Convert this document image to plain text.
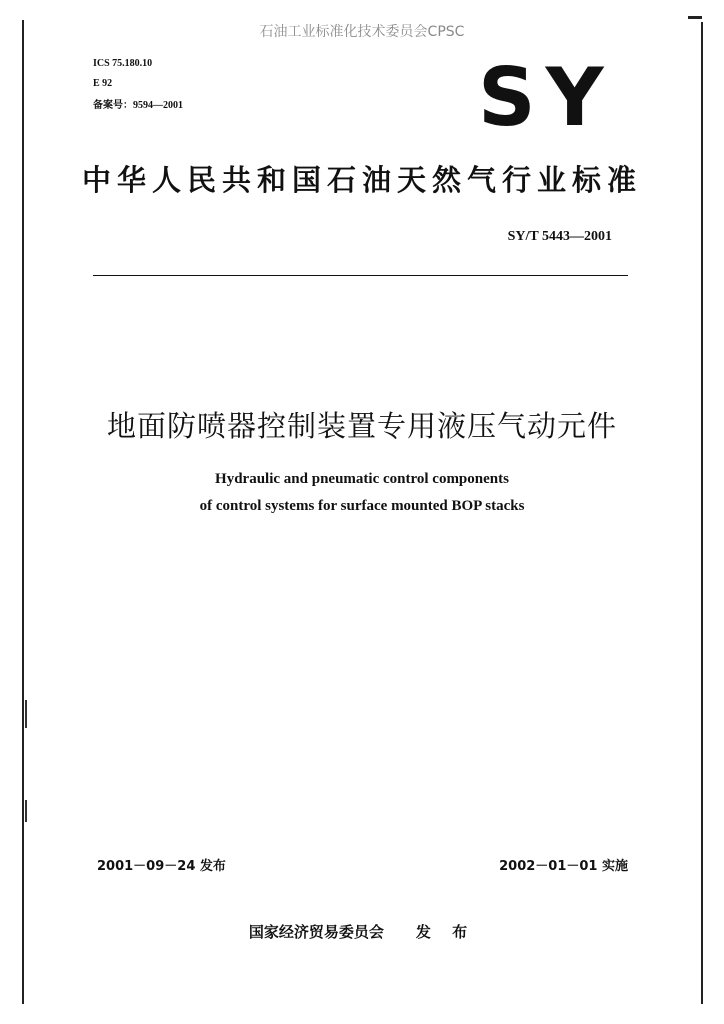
石油工业标准化技术委员会CPSC
ICS 75.180.10
E 92
备案号：9594—2001	SY
中华人民共和国石油天然气行业标准
SY/T 5443—2001
地面防喷器控制装置专用液压气动元件
Hydraulic and pneumatic control components
of control systems for surface mounted BOP stacks
2001－09－24 发布	2002－01－01 实施
国家经济贸易委员会 发 布
